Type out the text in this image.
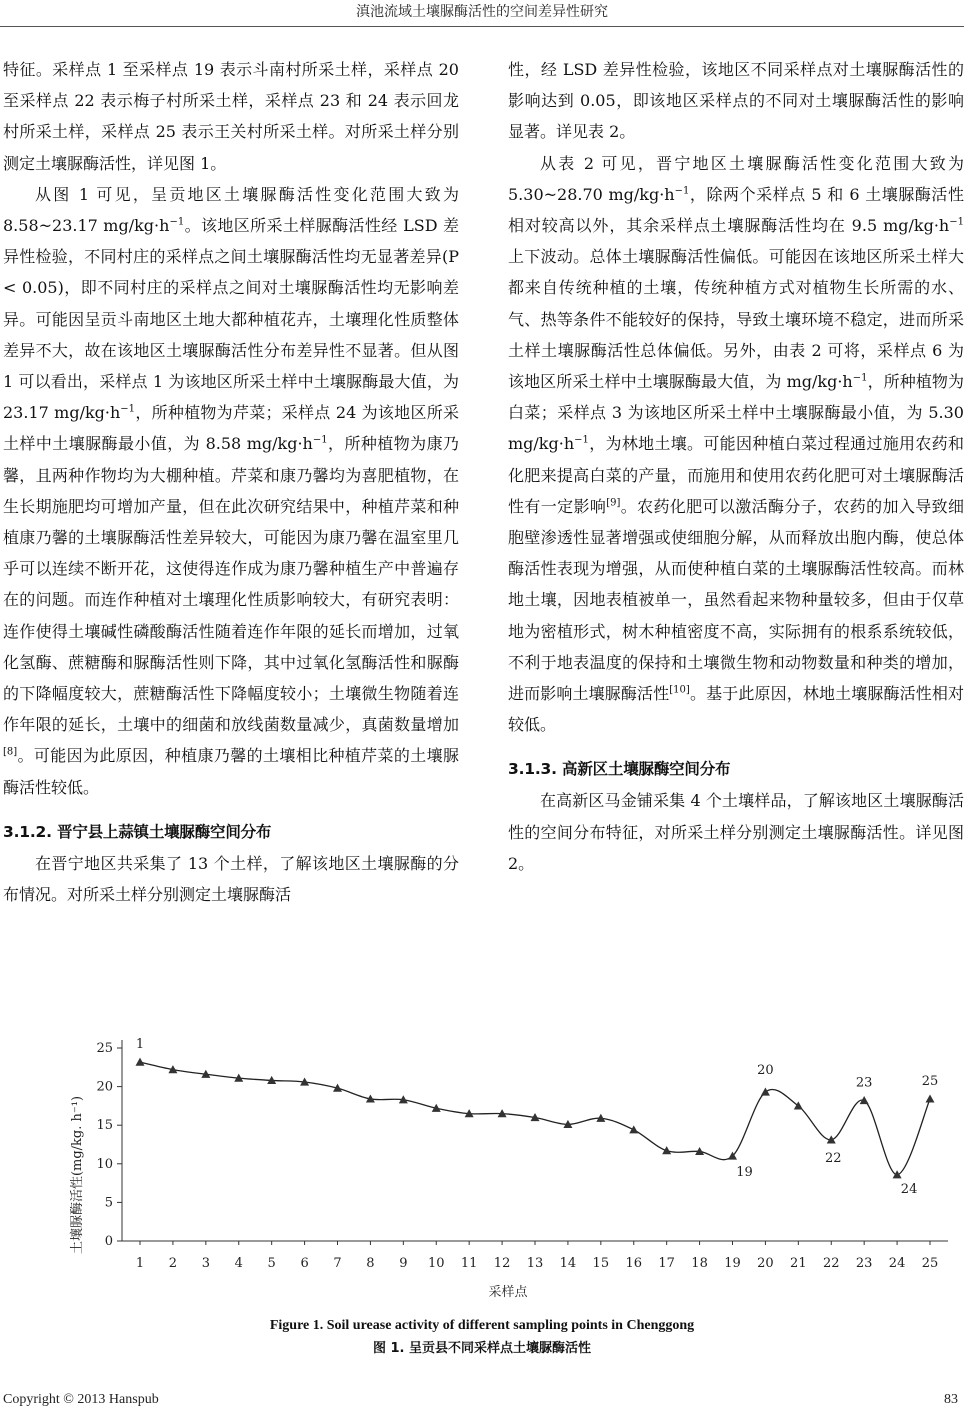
滇池流域土壤脲酶活性的空间差异性研究

特征。采样点 1 至采样点 19 表示斗南村所采土样，采样点 20 至采样点 22 表示梅子村所采土样，采样点 23 和 24 表示回龙村所采土样，采样点 25 表示王关村所采土样。对所采土样分别测定土壤脲酶活性，详见图 1。

从图 1 可见，呈贡地区土壤脲酶活性变化范围大致为 8.58~23.17 $mg/kg\cdot h^{-1}$。该地区所采土样脲酶活性经 LSD 差异性检验，不同村庄的采样点之间土壤脲酶活性均无显著差异(P < 0.05)，即不同村庄的采样点之间对土壤脲酶活性均无影响差异。可能因呈贡斗南地区土地大都种植花卉，土壤理化性质整体差异不大，故在该地区土壤脲酶活性分布差异性不显著。但从图 1 可以看出，采样点 1 为该地区所采土样中土壤脲酶最大值，为 23.17 $mg/kg\cdot h^{-1}$，所种植物为芹菜；采样点 24 为该地区所采土样中土壤脲酶最小值，为 8.58 $mg/kg\cdot h^{-1}$，所种植物为康乃馨，且两种作物均为大棚种植。芹菜和康乃馨均为喜肥植物，在生长期施肥均可增加产量，但在此次研究结果中，种植芹菜和种植康乃馨的土壤脲酶活性差异较大，可能因为康乃馨在温室里几乎可以连续不断开花，这使得连作成为康乃馨种植生产中普遍存在的问题。而连作种植对土壤理化性质影响较大，有研究表明：连作使得土壤碱性磷酸酶活性随着连作年限的延长而增加，过氧化氢酶、蔗糖酶和脲酶活性则下降，其中过氧化氢酶活性和脲酶的下降幅度较大，蔗糖酶活性下降幅度较小；土壤微生物随着连作年限的延长，土壤中的细菌和放线菌数量减少，真菌数量增加[8]。可能因为此原因，种植康乃馨的土壤相比种植芹菜的土壤脲酶活性较低。

3.1.2. 晋宁县上蒜镇土壤脲酶空间分布

在晋宁地区共采集了 13 个土样，了解该地区土壤脲酶的分布情况。对所采土样分别测定土壤脲酶活

性，经 LSD 差异性检验，该地区不同采样点对土壤脲酶活性的影响达到 0.05，即该地区采样点的不同对土壤脲酶活性的影响显著。详见表 2。

从表 2 可见，晋宁地区土壤脲酶活性变化范围大致为 5.30~28.70 $mg/kg\cdot h^{-1}$，除两个采样点 5 和 6 土壤脲酶活性相对较高以外，其余采样点土壤脲酶活性均在 9.5 $mg/kg\cdot h^{-1}$ 上下波动。总体土壤脲酶活性偏低。可能因在该地区所采土样大都来自传统种植的土壤，传统种植方式对植物生长所需的水、气、热等条件不能较好的保持，导致土壤环境不稳定，进而所采土样土壤脲酶活性总体偏低。另外，由表 2 可将，采样点 6 为该地区所采土样中土壤脲酶最大值，为 $mg/kg\cdot h^{-1}$，所种植物为白菜；采样点 3 为该地区所采土样中土壤脲酶最小值，为 5.30 $mg/kg\cdot h^{-1}$，为林地土壤。可能因种植白菜过程通过施用农药和化肥来提高白菜的产量，而施用和使用农药化肥可对土壤脲酶活性有一定影响[9]。农药化肥可以激活酶分子，农药的加入导致细胞壁渗透性显著增强或使细胞分解，从而释放出胞内酶，使总体酶活性表现为增强，从而使种植白菜的土壤脲酶活性较高。而林地土壤，因地表植被单一，虽然看起来物种量较多，但由于仅草地为密植形式，树木种植密度不高，实际拥有的根系系统较低，不利于地表温度的保持和土壤微生物和动物数量和种类的增加，进而影响土壤脲酶活性[10]。基于此原因，林地土壤脲酶活性相对较低。

3.1.3. 高新区土壤脲酶空间分布

在高新区马金铺采集 4 个土壤样品，了解该地区土壤脲酶活性的空间分布特征，对所采土样分别测定土壤脲酶活性。详见图 2。

土壤脲酶活性(mg/kg. h⁻¹)
采样点
0
5
10
15
20
25
1 2 3 4 5 6 7 8 9 10 11 12 13 14 15 16 17 18 19 20 21 22 23 24 25
1
19
20
22
23
24
25
Figure 1. Soil urease activity of different sampling points in Chenggong
图 1. 呈贡县不同采样点土壤脲酶活性
Copyright © 2013 Hanspub	83
